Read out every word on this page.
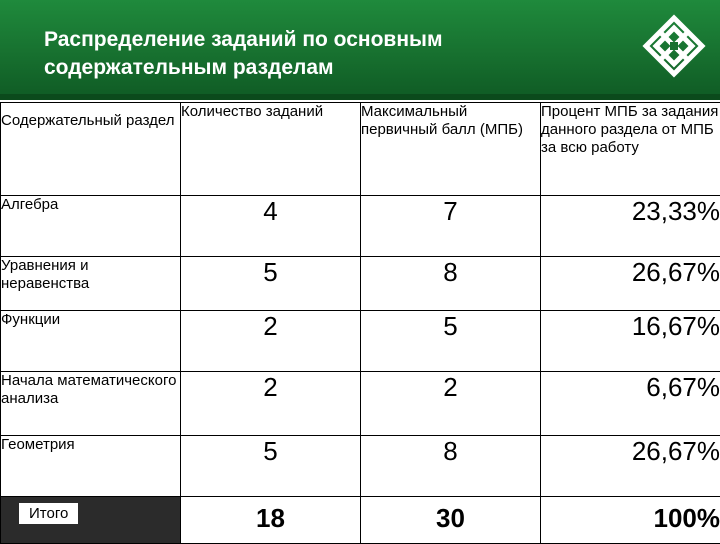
Распределение заданий по основным
содержательным разделам
Содержательный раздел	Количество заданий	Максимальный первичный балл (МПБ)	Процент МПБ за задания данного раздела от МПБ за всю работу
Алгебра	4	7	23,33%
Уравнения и неравенства	5	8	26,67%
Функции	2	5	16,67%
Начала математического анализа	2	2	6,67%
Геометрия	5	8	26,67%
Итого	18	30	100%
